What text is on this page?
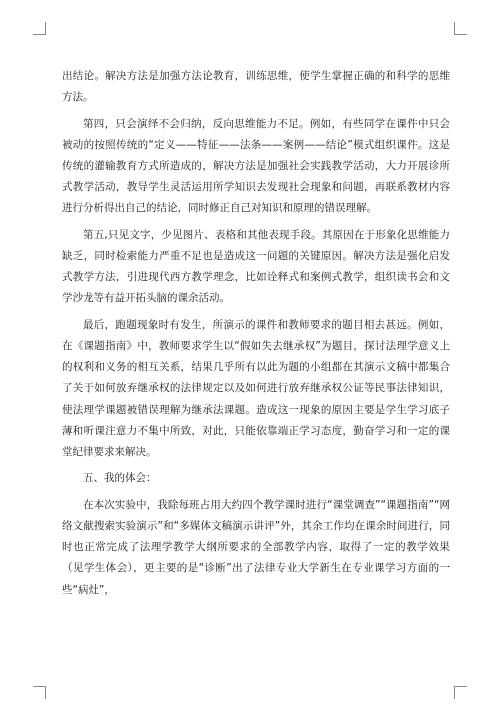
出结论。解决方法是加强方法论教育，训练思维，使学生掌握正确的和科学的思维方法。

第四，只会演绎不会归纳，反向思维能力不足。例如，有些同学在课件中只会被动的按照传统的“定义——特征——法条——案例——结论”模式组织课件。这是传统的灌输教育方式所造成的，解决方法是加强社会实践教学活动，大力开展诊所式教学活动，教导学生灵活运用所学知识去发现社会现象和问题，再联系教材内容进行分析得出自己的结论，同时修正自己对知识和原理的错误理解。

第五,只见文字，少见图片、表格和其他表现手段。其原因在于形象化思维能力缺乏，同时检索能力严重不足也是造成这一问题的关键原因。解决方法是强化启发式教学方法，引进现代西方教学理念，比如诠释式和案例式教学，组织读书会和文学沙龙等有益开拓头脑的课余活动。

最后，跑题现象时有发生，所演示的课件和教师要求的题目相去甚远。例如，在《课题指南》中，教师要求学生以“假如失去继承权”为题目，探讨法理学意义上的权利和义务的相互关系，结果几乎所有以此为题的小组都在其演示文稿中都集合了关于如何放弃继承权的法律规定以及如何进行放弃继承权公证等民事法律知识，使法理学课题被错误理解为继承法课题。造成这一现象的原因主要是学生学习底子薄和听课注意力不集中所致，对此，只能依靠端正学习态度，勤奋学习和一定的课堂纪律要求来解决。

五、我的体会：

在本次实验中，我除每班占用大约四个教学课时进行“课堂调查”“课题指南”“网络文献搜索实验演示”和“多媒体文稿演示讲评”外，其余工作均在课余时间进行，同时也正常完成了法理学教学大纲所要求的全部教学内容，取得了一定的教学效果（见学生体会），更主要的是“诊断”出了法律专业大学新生在专业课学习方面的一些“病灶”，
